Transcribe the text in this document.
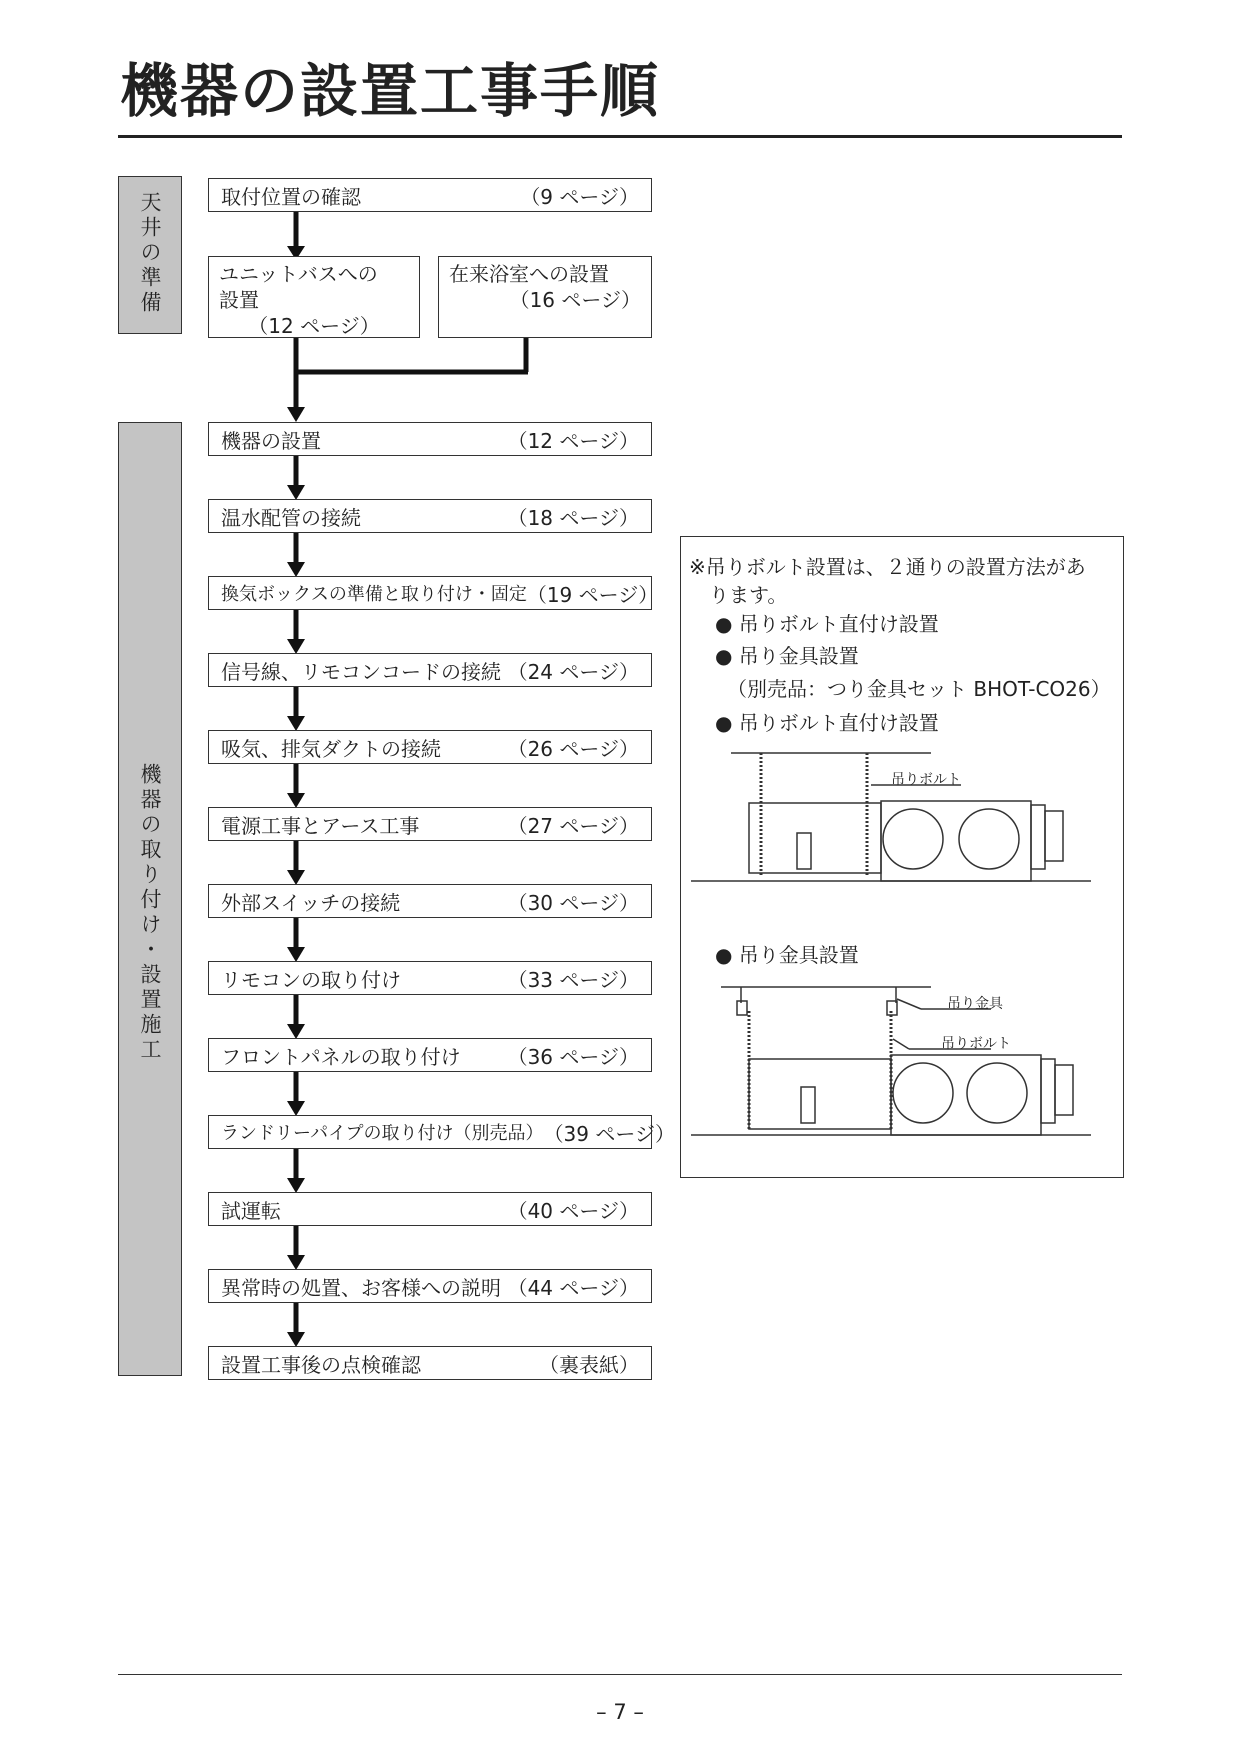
機器の設置工事手順
天井の準備
機器の取り付け・設置施工
取付位置の確認	（9 ページ）
ユニットバスへの
設置
（12 ページ）
在来浴室への設置
（16 ページ）
機器の設置	（12 ページ）
温水配管の接続	（18 ページ）
換気ボックスの準備と取り付け・固定 （19 ページ）
信号線、リモコンコードの接続 （24 ページ）
吸気、排気ダクトの接続	（26 ページ）
電源工事とアース工事	（27 ページ）
外部スイッチの接続	（30 ページ）
リモコンの取り付け	（33 ページ）
フロントパネルの取り付け （36 ページ）
ランドリーパイプの取り付け（別売品） （39 ページ）
試運転	（40 ページ）
異常時の処置、お客様への説明 （44 ページ）
設置工事後の点検確認	（裏表紙）
※吊りボルト設置は、２通りの設置方法があ
ります。
● 吊りボルト直付け設置
● 吊り金具設置
（別売品：つり金具セット BHOT-CO26）
● 吊りボルト直付け設置
吊りボルト
● 吊り金具設置
吊り金具
吊りボルト
– 7 –
